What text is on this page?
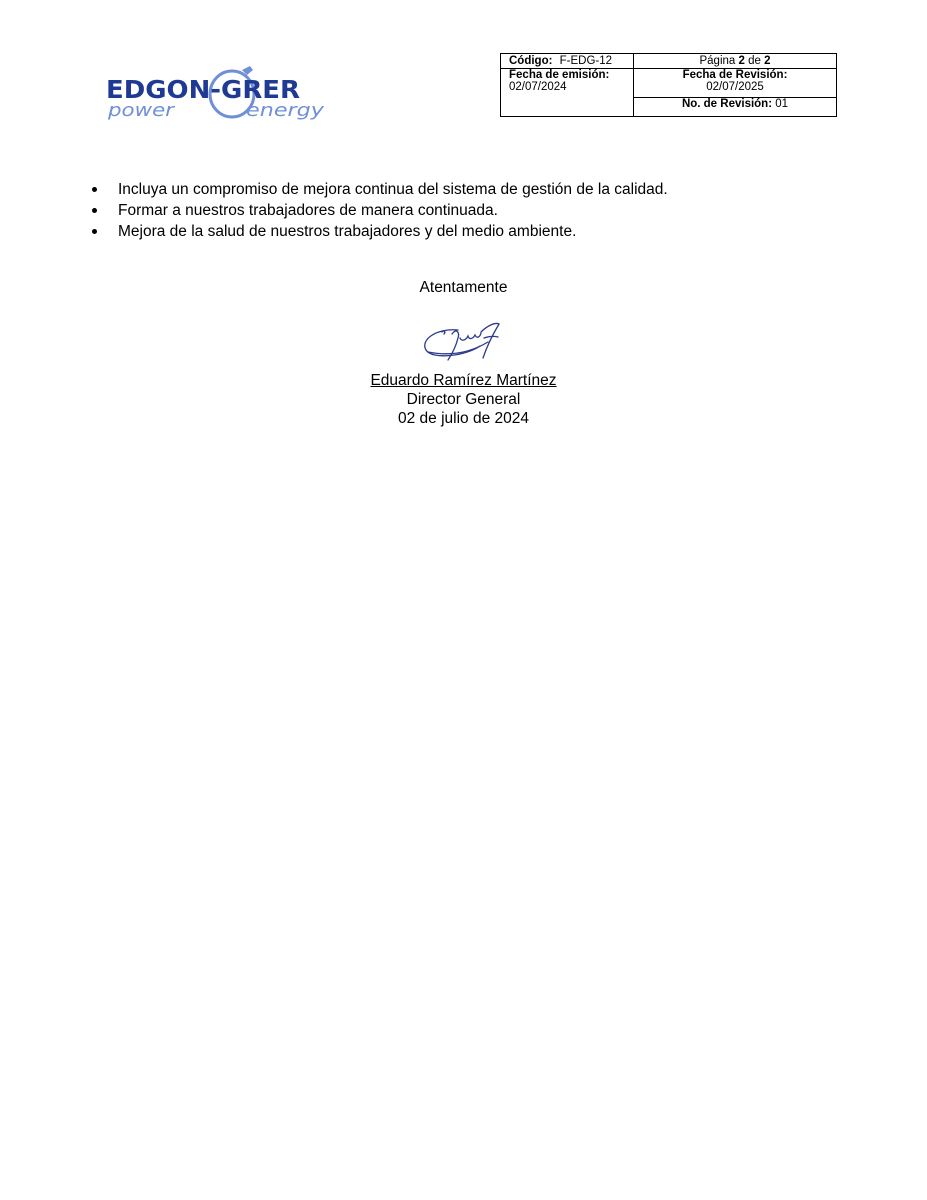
EDGON-GRER
power	energy
Código: F-EDG-12
Fecha de emisión:
02/07/2024
Página 2 de 2
Fecha de Revisión:
02/07/2025
No. de Revisión: 01
Incluya un compromiso de mejora continua del sistema de gestión de la calidad.
Formar a nuestros trabajadores de manera continuada.
Mejora de la salud de nuestros trabajadores y del medio ambiente.
Atentamente
Eduardo Ramírez Martínez
Director General
02 de julio de 2024
